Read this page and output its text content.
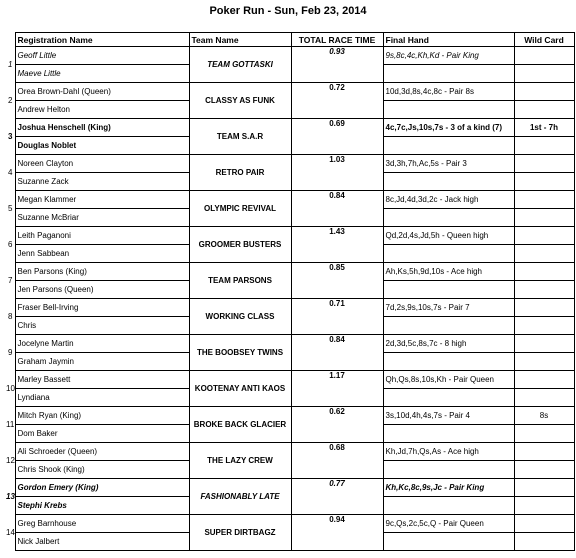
Poker Run - Sun, Feb 23, 2014
	Registration Name	Team Name	TOTAL RACE TIME	Final Hand	Wild Card
1	Geoff Little	TEAM GOTTASKI	0.93	9s,8c,4c,Kh,Kd - Pair King	
	Maeve Little				
2	Orea Brown-Dahl (Queen)	CLASSY AS FUNK	0.72	10d,3d,8s,4c,8c - Pair 8s	
	Andrew Helton				
3	Joshua Henschell (King)	TEAM S.A.R	0.69	4c,7c,Js,10s,7s - 3 of a kind (7)	1st - 7h
	Douglas Noblet				
4	Noreen Clayton	RETRO PAIR	1.03	3d,3h,7h,Ac,5s - Pair 3	
	Suzanne Zack				
5	Megan Klammer	OLYMPIC REVIVAL	0.84	8c,Jd,4d,3d,2c - Jack high	
	Suzanne McBriar				
6	Leith Paganoni	GROOMER BUSTERS	1.43	Qd,2d,4s,Jd,5h - Queen high	
	Jenn Sabbean				
7	Ben Parsons (King)	TEAM PARSONS	0.85	Ah,Ks,5h,9d,10s - Ace high	
	Jen Parsons (Queen)				
8	Fraser Bell-Irving	WORKING CLASS	0.71	7d,2s,9s,10s,7s - Pair 7	
	Chris				
9	Jocelyne Martin	THE BOOBSEY TWINS	0.84	2d,3d,5c,8s,7c - 8 high	
	Graham Jaymin				
10	Marley Bassett	KOOTENAY ANTI KAOS	1.17	Qh,Qs,8s,10s,Kh - Pair Queen	
	Lyndiana				
11	Mitch Ryan (King)	BROKE BACK GLACIER	0.62	3s,10d,4h,4s,7s - Pair 4	8s
	Dom Baker				
12	Ali Schroeder (Queen)	THE LAZY CREW	0.68	Kh,Jd,7h,Qs,As - Ace high	
	Chris Shook (King)				
13	Gordon Emery (King)	FASHIONABLY LATE	0.77	Kh,Kc,8c,9s,Jc - Pair King	
	Stephi Krebs				
14	Greg Barnhouse	SUPER DIRTBAGZ	0.94	9c,Qs,2c,5c,Q - Pair Queen	
	Nick Jalbert				
